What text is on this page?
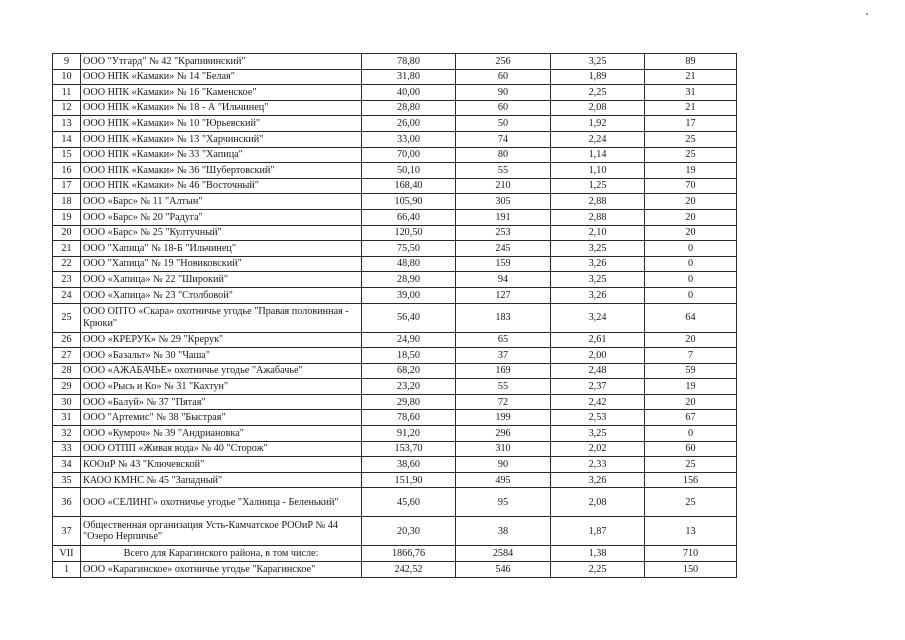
9	ООО "Утгард" № 42 "Крапивинский"	78,80	256	3,25	89
10	ООО НПК «Камаки» № 14 "Белая"	31,80	60	1,89	21
11	ООО НПК «Камаки» № 16 "Каменское"	40,00	90	2,25	31
12	ООО НПК «Камаки» № 18 - А "Ильчинец"	28,80	60	2,08	21
13	ООО НПК «Камаки» № 10 "Юрьевский"	26,00	50	1,92	17
14	ООО НПК «Камаки» № 13 "Харчинский"	33,00	74	2,24	25
15	ООО НПК «Камаки» № 33 "Хапица"	70,00	80	1,14	25
16	ООО НПК «Камаки» № 36 "Шубертовский"	50,10	55	1,10	19
17	ООО НПК «Камаки» № 46 "Восточный"	168,40	210	1,25	70
18	ООО «Барс» № 11 "Алтын"	105,90	305	2,88	20
19	ООО «Барс» № 20 "Радуга"	66,40	191	2,88	20
20	ООО «Барс» № 25 "Култучный"	120,50	253	2,10	20
21	ООО "Хапица" № 18-Б "Ильчинец"	75,50	245	3,25	0
22	ООО "Хапица" № 19 "Новиковский"	48,80	159	3,26	0
23	ООО «Хапица» № 22 "Широкий"	28,90	94	3,25	0
24	ООО «Хапица» № 23 "Столбовой"	39,00	127	3,26	0
25	ООО ОПТО «Скара» охотничье угодье "Правая половинная - Крюки"	56,40	183	3,24	64
26	ООО «КРЕРУК» № 29 "Крерук"	24,90	65	2,61	20
27	ООО «Базальт» № 30 "Чаша"	18,50	37	2,00	7
28	ООО «АЖАБАЧЬЕ» охотничье угодье "Ажабачье"	68,20	169	2,48	59
29	ООО «Рысь и Ко» № 31 "Кахтун"	23,20	55	2,37	19
30	ООО «Балуй» № 37 "Пятая"	29,80	72	2,42	20
31	ООО "Артемис" № 38 "Быстрая"	78,60	199	2,53	67
32	ООО «Кумроч» № 39 "Андриановка"	91,20	296	3,25	0
33	ООО ОТПП «Живая вода» № 40 "Сторож"	153,70	310	2,02	60
34	КООиР № 43 "Ключевской"	38,60	90	2,33	25
35	КАОО КМНС № 45 "Западный"	151,90	495	3,26	156
36	ООО «СЕЛИНГ» охотничье угодье "Халница - Беленький"	45,60	95	2,08	25
37	Общественная организация Усть-Камчатское РООиР № 44 "Озеро Нерпичье"	20,30	38	1,87	13
VII	Всего для Карагинского района, в том числе:	1866,76	2584	1,38	710
1	ООО «Карагинское» охотничье угодье "Карагинское"	242,52	546	2,25	150
